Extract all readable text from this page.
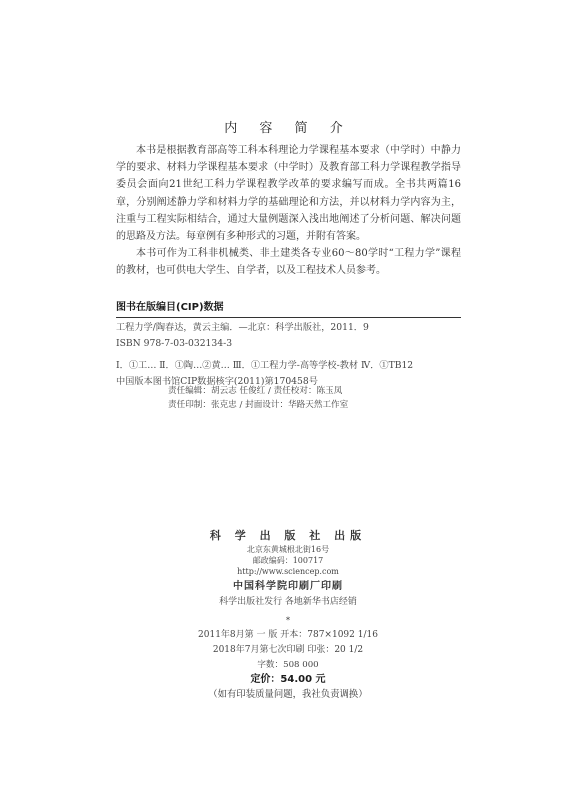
内 容 简 介

本书是根据教育部高等工科本科理论力学课程基本要求（中学时）中静力学的要求、材料力学课程基本要求（中学时）及教育部工科力学课程教学指导委员会面向21世纪工科力学课程教学改革的要求编写而成。全书共两篇16章，分别阐述静力学和材料力学的基础理论和方法，并以材料力学内容为主，注重与工程实际相结合，通过大量例题深入浅出地阐述了分析问题、解决问题的思路及方法。每章例有多种形式的习题，并附有答案。

本书可作为工科非机械类、非土建类各专业60～80学时“工程力学”课程的教材，也可供电大学生、自学者，以及工程技术人员参考。

图书在版编目(CIP)数据
工程力学/陶春达，黄云主编．—北京：科学出版社，2011．9
ISBN 978-7-03-032134-3
Ⅰ．①工… Ⅱ．①陶…②黄… Ⅲ．①工程力学-高等学校-教材 Ⅳ．①TB12
中国版本图书馆CIP数据核字(2011)第170458号
责任编辑：胡云志 任俊红 / 责任校对：陈玉凤
责任印制：张克忠 / 封面设计：华路天然工作室
科 学 出 版 社 出版
北京东黄城根北街16号
邮政编码：100717
http://www.sciencep.com
中国科学院印刷厂印刷
科学出版社发行 各地新华书店经销
*
2011年8月第 一 版 开本：787×1092 1/16
2018年7月第七次印刷 印张：20 1/2
字数：508 000
定价：54.00 元
（如有印装质量问题，我社负责调换）
